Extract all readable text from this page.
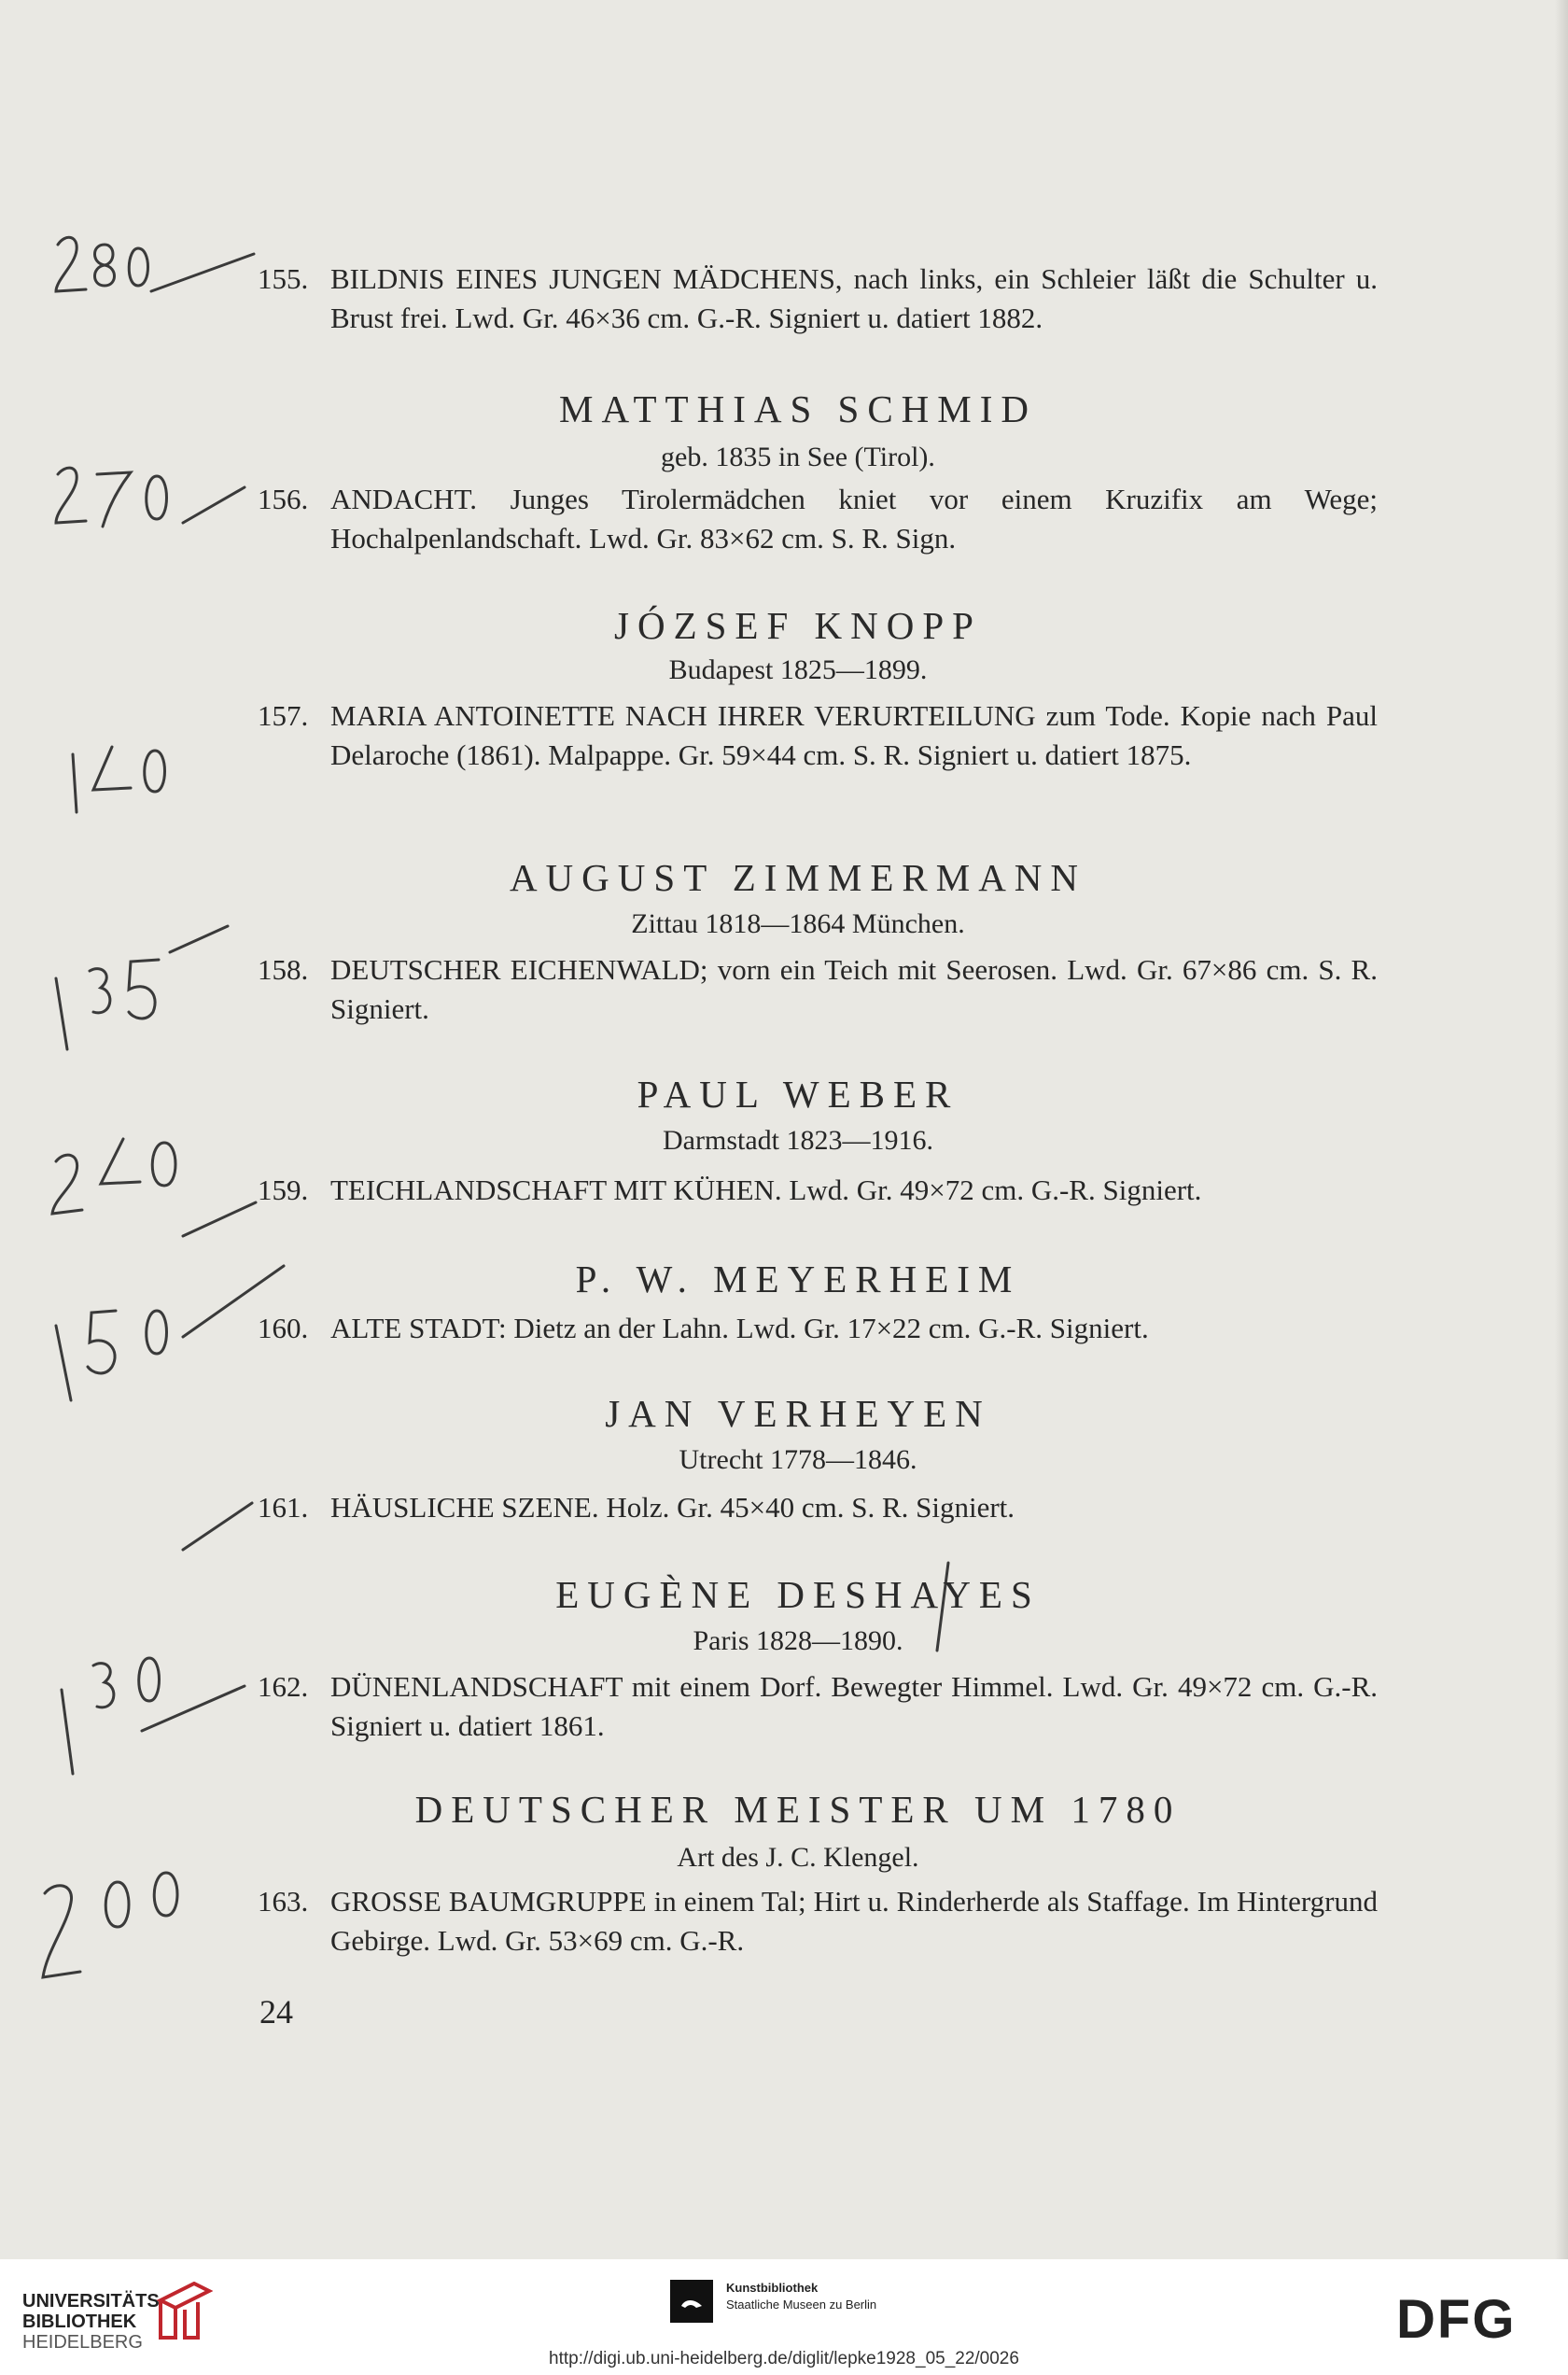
155. BILDNIS EINES JUNGEN MÄDCHENS, nach links, ein Schleier läßt die Schulter u. Brust frei. Lwd. Gr. 46×36 cm. G.-R. Signiert u. datiert 1882.
MATTHIAS SCHMID
geb. 1835 in See (Tirol).
156. ANDACHT. Junges Tirolermädchen kniet vor einem Kruzifix am Wege; Hochalpenlandschaft. Lwd. Gr. 83×62 cm. S. R. Sign.
JÓZSEF KNOPP
Budapest 1825—1899.
157. MARIA ANTOINETTE NACH IHRER VERURTEILUNG zum Tode. Kopie nach Paul Delaroche (1861). Malpappe. Gr. 59×44 cm. S. R. Signiert u. datiert 1875.
AUGUST ZIMMERMANN
Zittau 1818—1864 München.
158. DEUTSCHER EICHENWALD; vorn ein Teich mit Seerosen. Lwd. Gr. 67×86 cm. S. R. Signiert.
PAUL WEBER
Darmstadt 1823—1916.
159. TEICHLANDSCHAFT MIT KÜHEN. Lwd. Gr. 49×72 cm. G.-R. Signiert.
P. W. MEYERHEIM
160. ALTE STADT: Dietz an der Lahn. Lwd. Gr. 17×22 cm. G.-R. Signiert.
JAN VERHEYEN
Utrecht 1778—1846.
161. HÄUSLICHE SZENE. Holz. Gr. 45×40 cm. S. R. Signiert.
EUGÈNE DESHAYES
Paris 1828—1890.
162. DÜNENLANDSCHAFT mit einem Dorf. Bewegter Himmel. Lwd. Gr. 49×72 cm. G.-R. Signiert u. datiert 1861.
DEUTSCHER MEISTER UM 1780
Art des J. C. Klengel.
163. GROSSE BAUMGRUPPE in einem Tal; Hirt u. Rinderherde als Staffage. Im Hintergrund Gebirge. Lwd. Gr. 53×69 cm. G.-R.
24
UNIVERSITÄTS-
BIBLIOTHEK
HEIDELBERG
Kunstbibliothek
Staatliche Museen zu Berlin	DFG
http://digi.ub.uni-heidelberg.de/diglit/lepke1928_05_22/0026
